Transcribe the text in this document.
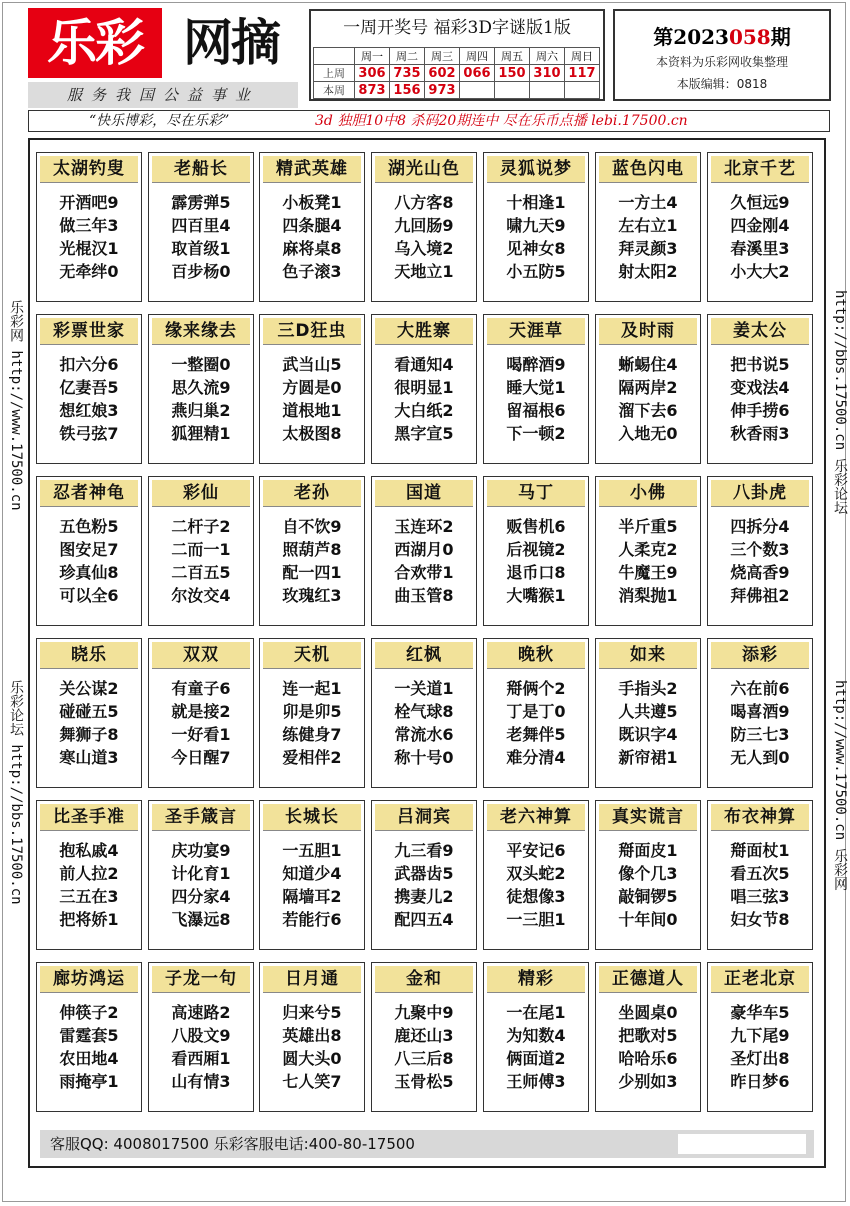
乐彩 网摘
服务我国公益事业
一周开奖号 福彩3D字谜版1版
	周一	周二	周三	周四	周五	周六	周日
上周	306	735	602	066	150	310	117
本周	873	156	973				
第2023058期
本资料为乐彩网收集整理
本版编辑：0818
“快乐博彩，尽在乐彩”	3d 独胆10中8 杀码20期连中 尽在乐币点播 lebi.17500.cn
乐彩网 http://www.17500.cn
乐彩论坛 http://bbs.17500.cn
http://bbs.17500.cn 乐彩论坛
http://www.17500.cn 乐彩网
客服QQ: 4008017500 乐彩客服电话:400-80-17500
太湖钓叟
开酒吧9
做三年3
光棍汉1
无牵绊0
老船长
霹雳弹5
四百里4
取首级1
百步杨0
精武英雄
小板凳1
四条腿4
麻将桌8
色子滚3
湖光山色
八方客8
九回肠9
乌入境2
天地立1
灵狐说梦
十相逢1
啸九天9
见神女8
小五防5
蓝色闪电
一方土4
左右立1
拜灵颜3
射太阳2
北京千艺
久恒远9
四金刚4
春溪里3
小大大2
彩票世家
扣六分6
亿妻吾5
想红娘3
铁弓弦7
缘来缘去
一整圈0
思久流9
燕归巢2
狐狸精1
三D狂虫
武当山5
方圆是0
道根地1
太极图8
大胜寨
看通知4
很明显1
大白纸2
黑字宣5
天涯草
喝醉酒9
睡大觉1
留福根6
下一顿2
及时雨
蜥蜴住4
隔两岸2
溜下去6
入地无0
姜太公
把书说5
变戏法4
伸手捞6
秋香雨3
忍者神龟
五色粉5
图安足7
珍真仙8
可以全6
彩仙
二杆子2
二而一1
二百五5
尔汝交4
老孙
自不饮9
照葫芦8
配一四1
玫瑰红3
国道
玉连环2
西湖月0
合欢带1
曲玉管8
马丁
贩售机6
后视镜2
退币口8
大嘴猴1
小佛
半斤重5
人柔克2
牛魔王9
消梨抛1
八卦虎
四拆分4
三个数3
烧高香9
拜佛祖2
晓乐
关公谋2
碰碰五5
舞狮子8
寒山道3
双双
有童子6
就是接2
一好看1
今日醒7
天机
连一起1
卯是卯5
练健身7
爱相伴2
红枫
一关道1
栓气球8
常流水6
称十号0
晚秋
搿俩个2
丁是丁0
老舞伴5
难分清4
如来
手指头2
人共遵5
既识字4
新帘裙1
添彩
六在前6
喝喜酒9
防三七3
无人到0
比圣手准
抱私戚4
前人拉2
三五在3
把将娇1
圣手箴言
庆功宴9
计化育1
四分家4
飞瀑远8
长城长
一五胆1
知道少4
隔墙耳2
若能行6
吕洞宾
九三看9
武器齿5
携妻儿2
配四五4
老六神算
平安记6
双头蛇2
徒想像3
一三胆1
真实谎言
搿面皮1
像个几3
敲铜锣5
十年间0
布衣神算
搿面杖1
看五次5
唱三弦3
妇女节8
廊坊鸿运
伸筷子2
雷霆套5
农田地4
雨掩亭1
子龙一句
高速路2
八股文9
看西厢1
山有情3
日月通
归来兮5
英雄出8
圆大头0
七人笑7
金和
九聚中9
鹿还山3
八三后8
玉骨松5
精彩
一在尾1
为知数4
俩面道2
王师傅3
正德道人
坐圆桌0
把歌对5
哈哈乐6
少别如3
正老北京
豪华车5
九下尾9
圣灯出8
昨日梦6
